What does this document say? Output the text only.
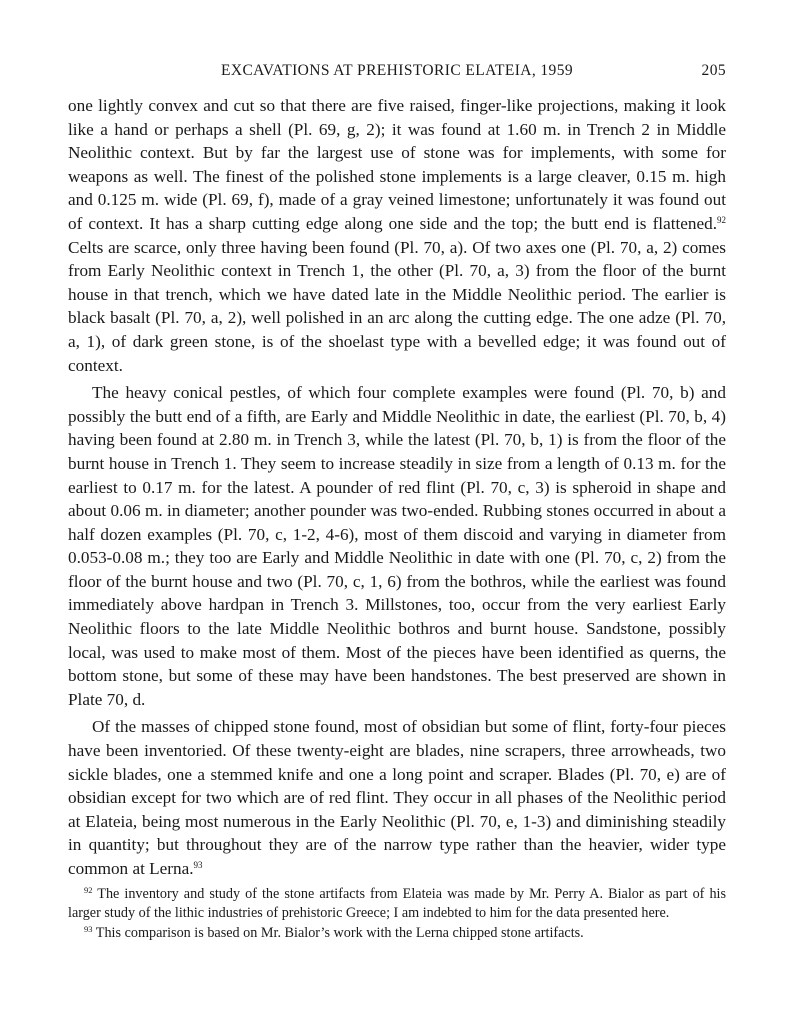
EXCAVATIONS AT PREHISTORIC ELATEIA, 1959	205

one lightly convex and cut so that there are five raised, finger-like projections, making it look like a hand or perhaps a shell (Pl. 69, g, 2); it was found at 1.60 m. in Trench 2 in Middle Neolithic context. But by far the largest use of stone was for implements, with some for weapons as well. The finest of the polished stone implements is a large cleaver, 0.15 m. high and 0.125 m. wide (Pl. 69, f), made of a gray veined limestone; unfortunately it was found out of context. It has a sharp cutting edge along one side and the top; the butt end is flattened.$^{92}$ Celts are scarce, only three having been found (Pl. 70, a). Of two axes one (Pl. 70, a, 2) comes from Early Neolithic context in Trench 1, the other (Pl. 70, a, 3) from the floor of the burnt house in that trench, which we have dated late in the Middle Neolithic period. The earlier is black basalt (Pl. 70, a, 2), well polished in an arc along the cutting edge. The one adze (Pl. 70, a, 1), of dark green stone, is of the shoelast type with a bevelled edge; it was found out of context.

The heavy conical pestles, of which four complete examples were found (Pl. 70, b) and possibly the butt end of a fifth, are Early and Middle Neolithic in date, the earliest (Pl. 70, b, 4) having been found at 2.80 m. in Trench 3, while the latest (Pl. 70, b, 1) is from the floor of the burnt house in Trench 1. They seem to increase steadily in size from a length of 0.13 m. for the earliest to 0.17 m. for the latest. A pounder of red flint (Pl. 70, c, 3) is spheroid in shape and about 0.06 m. in diameter; another pounder was two-ended. Rubbing stones occurred in about a half dozen examples (Pl. 70, c, 1-2, 4-6), most of them discoid and varying in diameter from 0.053-0.08 m.; they too are Early and Middle Neolithic in date with one (Pl. 70, c, 2) from the floor of the burnt house and two (Pl. 70, c, 1, 6) from the bothros, while the earliest was found immediately above hardpan in Trench 3. Millstones, too, occur from the very earliest Early Neolithic floors to the late Middle Neolithic bothros and burnt house. Sandstone, possibly local, was used to make most of them. Most of the pieces have been identified as querns, the bottom stone, but some of these may have been handstones. The best preserved are shown in Plate 70, d.

Of the masses of chipped stone found, most of obsidian but some of flint, forty-four pieces have been inventoried. Of these twenty-eight are blades, nine scrapers, three arrowheads, two sickle blades, one a stemmed knife and one a long point and scraper. Blades (Pl. 70, e) are of obsidian except for two which are of red flint. They occur in all phases of the Neolithic period at Elateia, being most numerous in the Early Neolithic (Pl. 70, e, 1-3) and diminishing steadily in quantity; but throughout they are of the narrow type rather than the heavier, wider type common at Lerna.$^{93}$

$^{92}$ The inventory and study of the stone artifacts from Elateia was made by Mr. Perry A. Bialor as part of his larger study of the lithic industries of prehistoric Greece; I am indebted to him for the data presented here.

$^{93}$ This comparison is based on Mr. Bialor’s work with the Lerna chipped stone artifacts.
